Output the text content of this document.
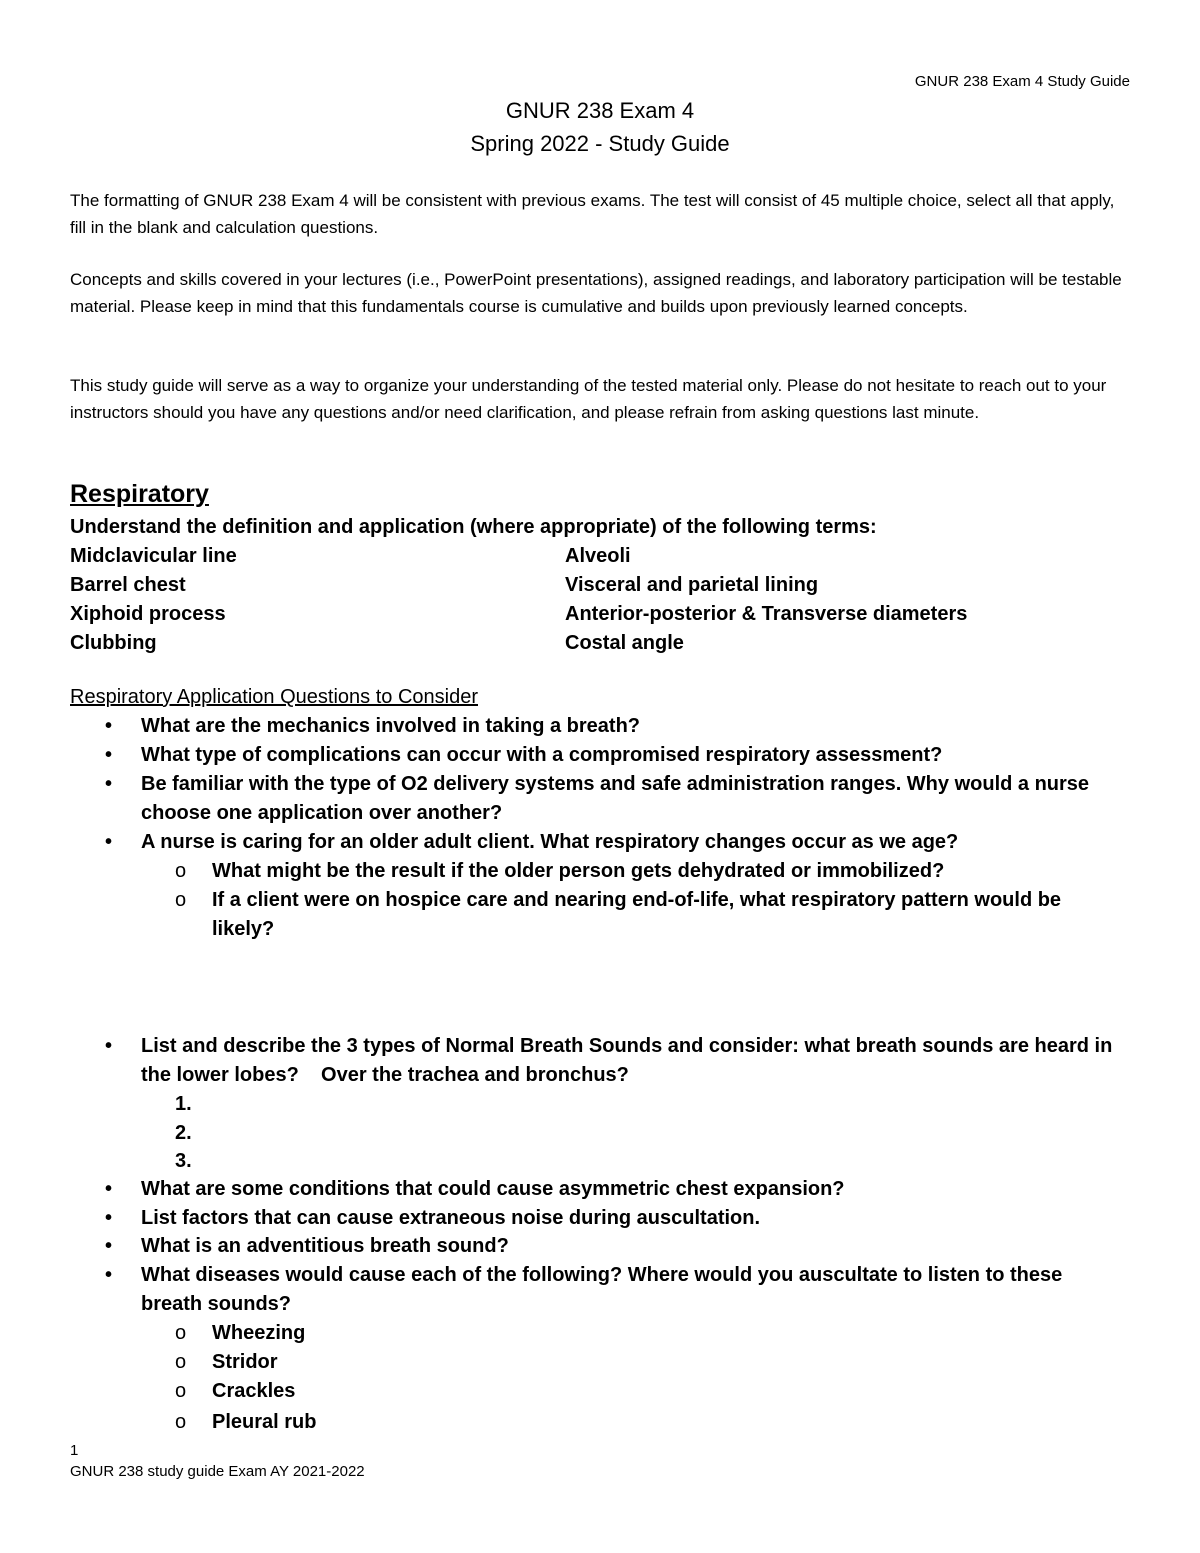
GNUR 238 Exam 4 Study Guide
GNUR 238 Exam 4
Spring 2022 - Study Guide
The formatting of GNUR 238 Exam 4 will be consistent with previous exams. The test will consist of 45 multiple choice, select all that apply, fill in the blank and calculation questions.
Concepts and skills covered in your lectures (i.e., PowerPoint presentations), assigned readings, and laboratory participation will be testable material. Please keep in mind that this fundamentals course is cumulative and builds upon previously learned concepts.
This study guide will serve as a way to organize your understanding of the tested material only. Please do not hesitate to reach out to your instructors should you have any questions and/or need clarification, and please refrain from asking questions last minute.
Respiratory
Understand the definition and application (where appropriate) of the following terms:
Midclavicular line
Barrel chest
Xiphoid process
Clubbing
Alveoli
Visceral and parietal lining
Anterior-posterior & Transverse diameters
Costal angle
Respiratory Application Questions to Consider
• What are the mechanics involved in taking a breath?
• What type of complications can occur with a compromised respiratory assessment?
• Be familiar with the type of O2 delivery systems and safe administration ranges. Why would a nurse
choose one application over another?
• A nurse is caring for an older adult client. What respiratory changes occur as we age?
o What might be the result if the older person gets dehydrated or immobilized?
o If a client were on hospice care and nearing end-of-life, what respiratory pattern would be
likely?
• List and describe the 3 types of Normal Breath Sounds and consider: what breath sounds are heard in
the lower lobes?    Over the trachea and bronchus?
1.
2.
3.
• What are some conditions that could cause asymmetric chest expansion?
• List factors that can cause extraneous noise during auscultation.
• What is an adventitious breath sound?
• What diseases would cause each of the following? Where would you auscultate to listen to these
breath sounds?
o Wheezing
o Stridor
o Crackles
o Pleural rub
1
GNUR 238 study guide Exam AY 2021-2022
